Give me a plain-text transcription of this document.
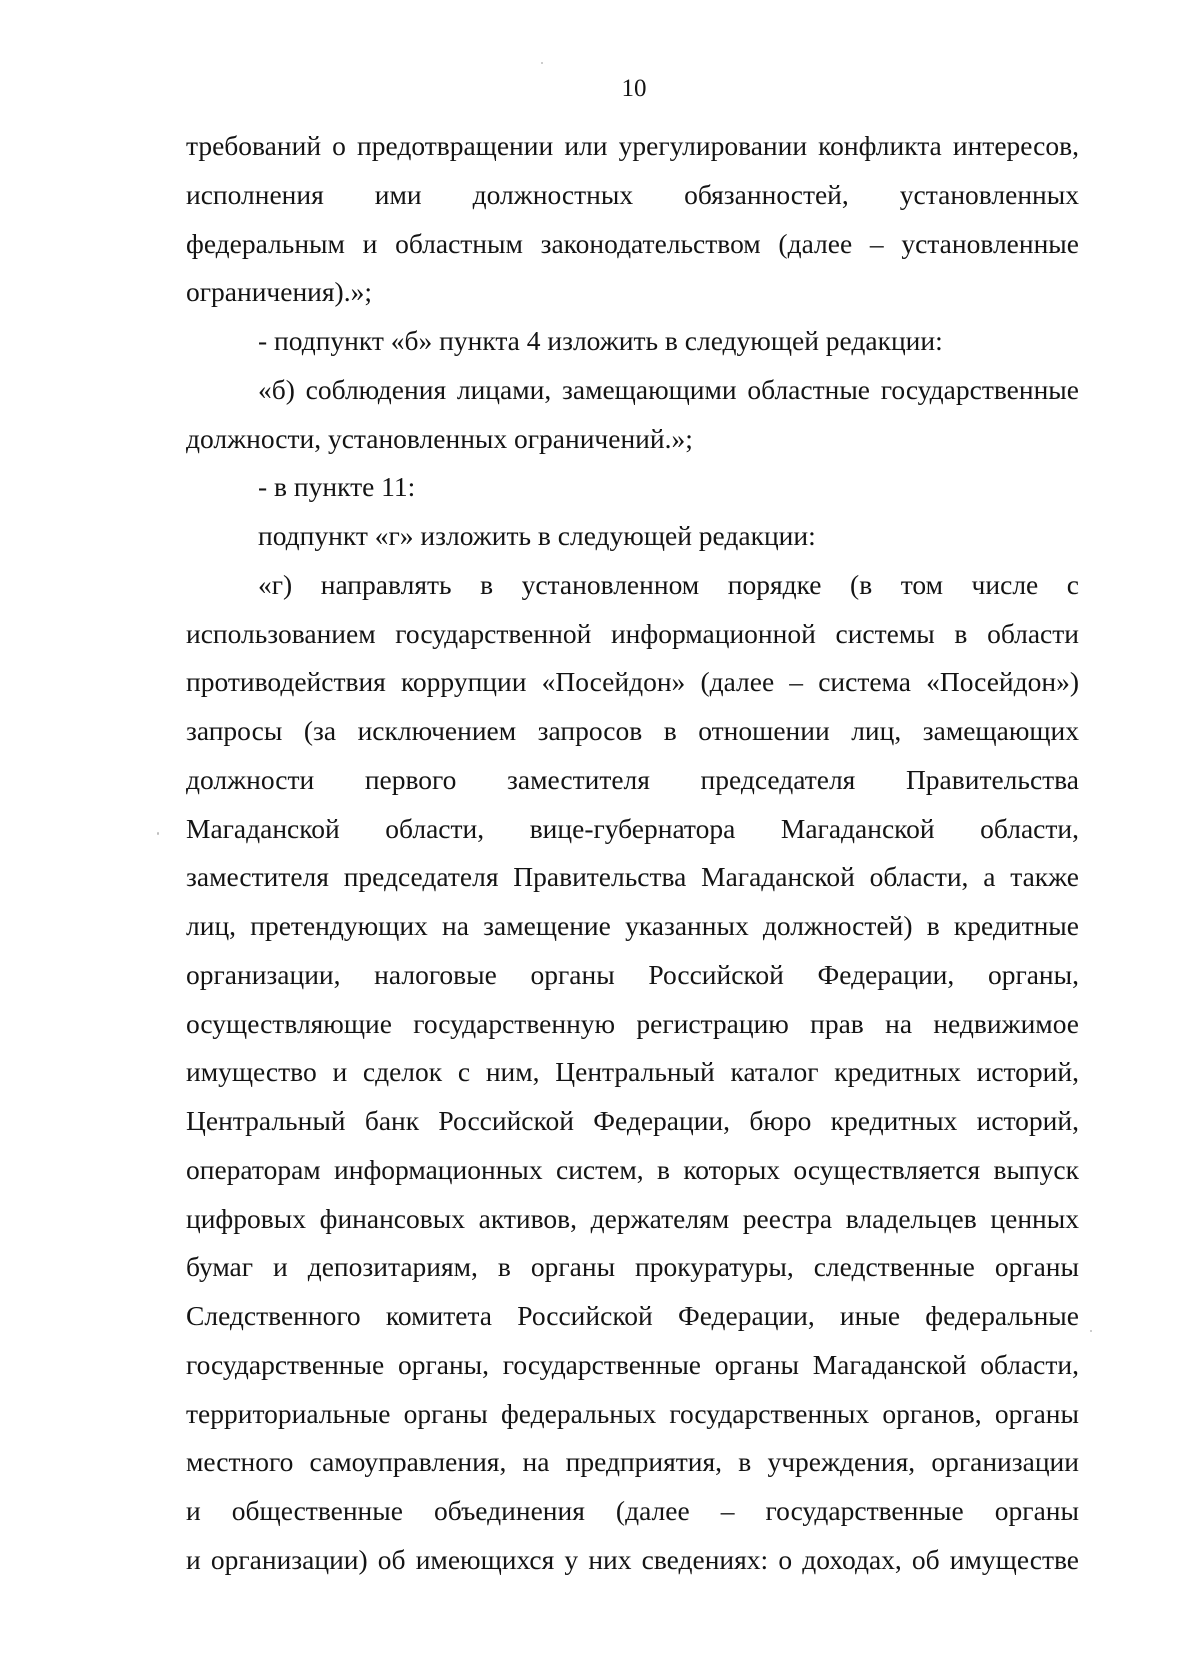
10
требований о предотвращении или урегулировании конфликта интересов,
исполнения ими должностных обязанностей, установленных
федеральным и областным законодательством (далее – установленные
ограничения).»;
- подпункт «б» пункта 4 изложить в следующей редакции:
«б) соблюдения лицами, замещающими областные государственные
должности, установленных ограничений.»;
- в пункте 11:
подпункт «г» изложить в следующей редакции:
«г) направлять в установленном порядке (в том числе с
использованием государственной информационной системы в области
противодействия коррупции «Посейдон» (далее – система «Посейдон»)
запросы (за исключением запросов в отношении лиц, замещающих
должности первого заместителя председателя Правительства
Магаданской области, вице-губернатора Магаданской области,
заместителя председателя Правительства Магаданской области, а также
лиц, претендующих на замещение указанных должностей) в кредитные
организации, налоговые органы Российской Федерации, органы,
осуществляющие государственную регистрацию прав на недвижимое
имущество и сделок с ним, Центральный каталог кредитных историй,
Центральный банк Российской Федерации, бюро кредитных историй,
операторам информационных систем, в которых осуществляется выпуск
цифровых финансовых активов, держателям реестра владельцев ценных
бумаг и депозитариям, в органы прокуратуры, следственные органы
Следственного комитета Российской Федерации, иные федеральные
государственные органы, государственные органы Магаданской области,
территориальные органы федеральных государственных органов, органы
местного самоуправления, на предприятия, в учреждения, организации
и общественные объединения (далее – государственные органы
и организации) об имеющихся у них сведениях: о доходах, об имуществе
